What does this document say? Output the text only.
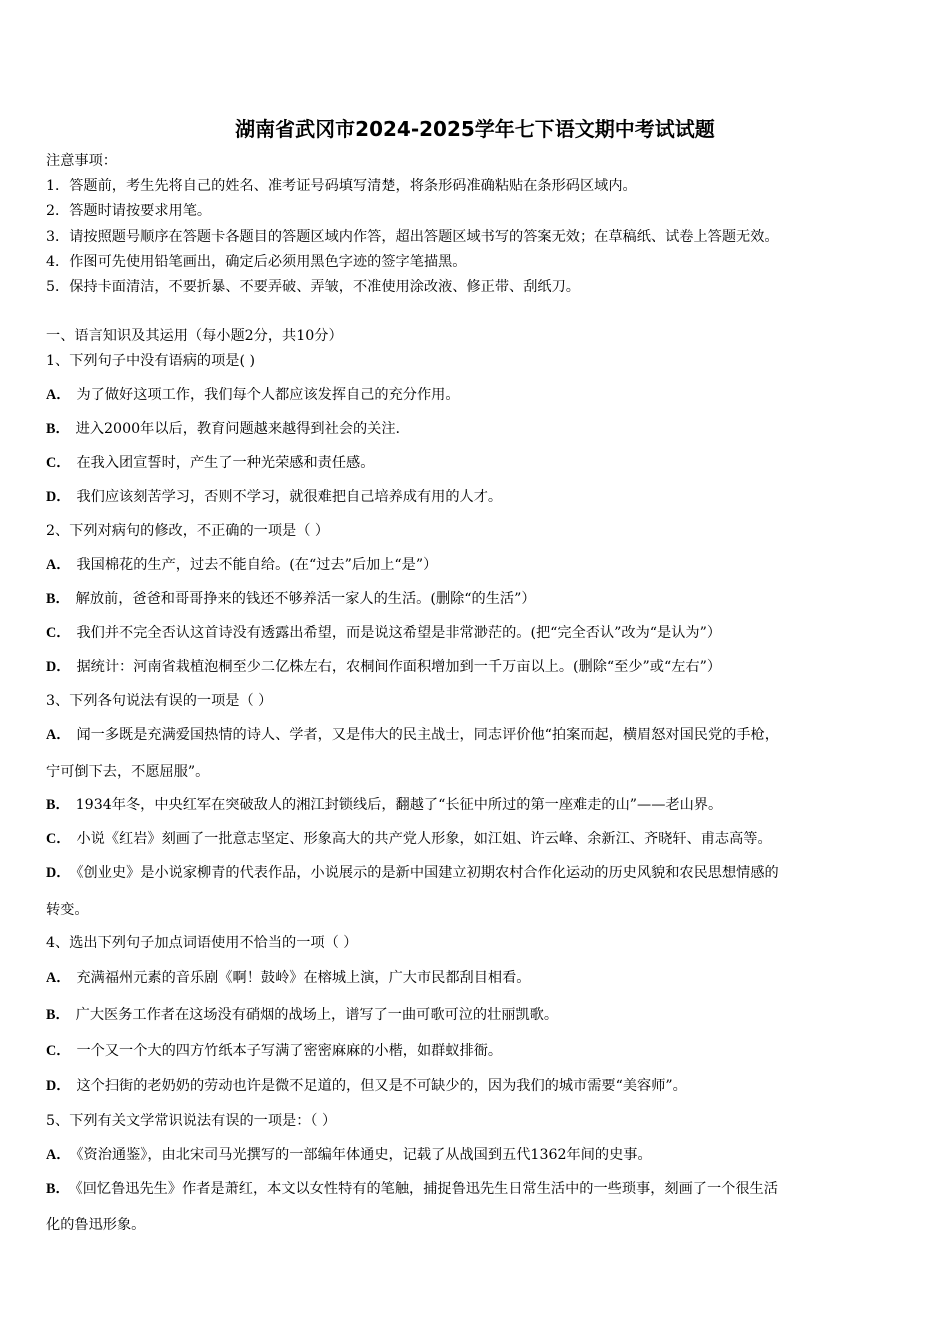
湖南省武冈市2024-2025学年七下语文期中考试试题
注意事项：
1．答题前，考生先将自己的姓名、准考证号码填写清楚，将条形码准确粘贴在条形码区域内。
2．答题时请按要求用笔。
3．请按照题号顺序在答题卡各题目的答题区域内作答，超出答题区域书写的答案无效；在草稿纸、试卷上答题无效。
4．作图可先使用铅笔画出，确定后必须用黑色字迹的签字笔描黑。
5．保持卡面清洁，不要折暴、不要弄破、弄皱，不准使用涂改液、修正带、刮纸刀。
一、语言知识及其运用（每小题2分，共10分）
1、下列句子中没有语病的项是( )
A． 为了做好这项工作，我们每个人都应该发挥自己的充分作用。
B． 进入2000年以后，教育问题越来越得到社会的关注.
C． 在我入团宣誓时，产生了一种光荣感和责任感。
D． 我们应该刻苦学习，否则不学习，就很难把自己培养成有用的人才。
2、下列对病句的修改，不正确的一项是（ ）
A． 我国棉花的生产，过去不能自给。(在“过去”后加上“是”）
B． 解放前，爸爸和哥哥挣来的钱还不够养活一家人的生活。(删除“的生活”）
C． 我们并不完全否认这首诗没有透露出希望，而是说这希望是非常渺茫的。(把“完全否认”改为“是认为”）
D． 据统计：河南省栽植泡桐至少二亿株左右，农桐间作面积增加到一千万亩以上。(删除“至少”或“左右”）
3、下列各句说法有误的一项是（ ）
A． 闻一多既是充满爱国热情的诗人、学者，又是伟大的民主战士，同志评价他“拍案而起，横眉怒对国民党的手枪，
宁可倒下去，不愿屈服”。
B． 1934年冬，中央红军在突破敌人的湘江封锁线后，翻越了“长征中所过的第一座难走的山”——老山界。
C． 小说《红岩》刻画了一批意志坚定、形象高大的共产党人形象，如江姐、许云峰、余新江、齐晓轩、甫志高等。
D． 《创业史》是小说家柳青的代表作品，小说展示的是新中国建立初期农村合作化运动的历史风貌和农民思想情感的
转变。
4、选出下列句子加点词语使用不恰当的一项（ ）
A． 充满福州元素的音乐剧《啊！鼓岭》在榕城上演，广大市民都刮目相看。
B． 广大医务工作者在这场没有硝烟的战场上，谱写了一曲可歌可泣的壮丽凯歌。
C． 一个又一个大的四方竹纸本子写满了密密麻麻的小楷，如群蚁排衙。
D． 这个扫街的老奶奶的劳动也许是微不足道的，但又是不可缺少的，因为我们的城市需要“美容师”。
5、下列有关文学常识说法有误的一项是：（ ）
A． 《资治通鉴》，由北宋司马光撰写的一部编年体通史，记载了从战国到五代1362年间的史事。
B． 《回忆鲁迅先生》作者是萧红，本文以女性特有的笔触，捕捉鲁迅先生日常生活中的一些琐事，刻画了一个很生活
化的鲁迅形象。
